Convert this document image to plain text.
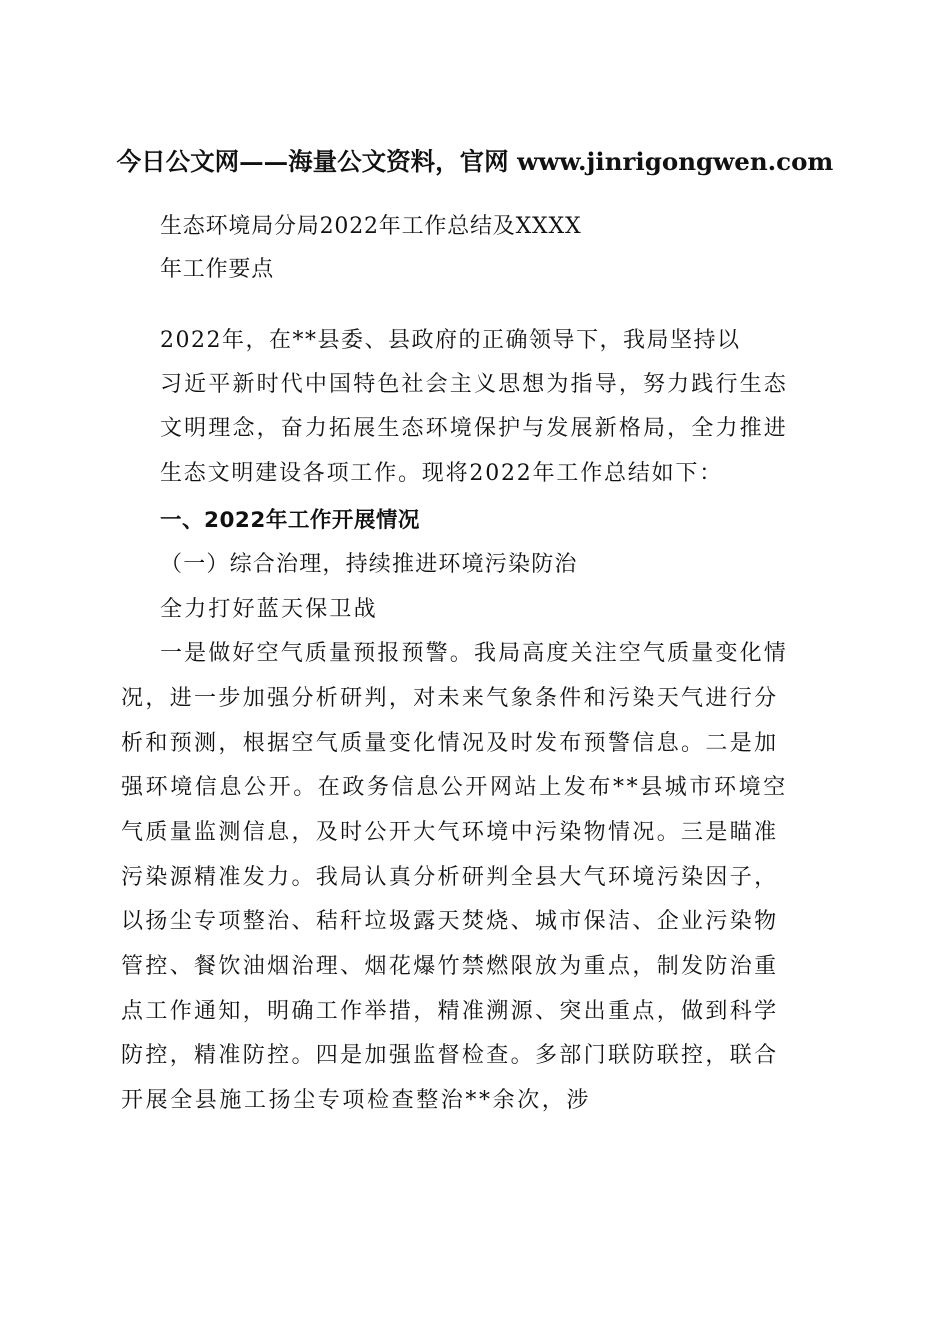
今日公文网——海量公文资料，官网 www.jinrigongwen.com
生态环境局分局2022年工作总结及XXXX
年工作要点
2022年，在**县委、县政府的正确领导下，我局坚持以
习近平新时代中国特色社会主义思想为指导，努力践行生态
文明理念，奋力拓展生态环境保护与发展新格局，全力推进
生态文明建设各项工作。现将2022年工作总结如下：
一、2022年工作开展情况
（一）综合治理，持续推进环境污染防治
全力打好蓝天保卫战
一是做好空气质量预报预警。我局高度关注空气质量变化情
况，进一步加强分析研判，对未来气象条件和污染天气进行分
析和预测，根据空气质量变化情况及时发布预警信息。二是加
强环境信息公开。在政务信息公开网站上发布**县城市环境空
气质量监测信息，及时公开大气环境中污染物情况。三是瞄准
污染源精准发力。我局认真分析研判全县大气环境污染因子，
以扬尘专项整治、秸秆垃圾露天焚烧、城市保洁、企业污染物
管控、餐饮油烟治理、烟花爆竹禁燃限放为重点，制发防治重
点工作通知，明确工作举措，精准溯源、突出重点，做到科学
防控，精准防控。四是加强监督检查。多部门联防联控，联合
开展全县施工扬尘专项检查整治**余次，涉
